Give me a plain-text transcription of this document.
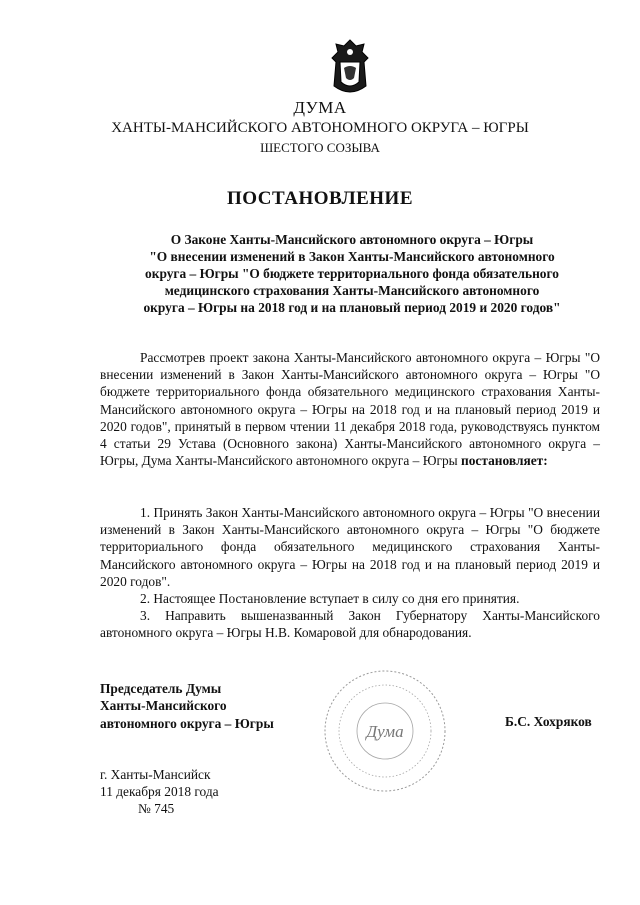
ДУМА
ХАНТЫ-МАНСИЙСКОГО АВТОНОМНОГО ОКРУГА – ЮГРЫ
ШЕСТОГО СОЗЫВА
ПОСТАНОВЛЕНИЕ
О Законе Ханты-Мансийского автономного округа – Югры
"О внесении изменений в Закон Ханты-Мансийского автономного
округа – Югры "О бюджете территориального фонда обязательного
медицинского страхования Ханты-Мансийского автономного
округа – Югры на 2018 год и на плановый период 2019 и 2020 годов"

Рассмотрев проект закона Ханты-Мансийского автономного округа – Югры "О внесении изменений в Закон Ханты-Мансийского автономного округа – Югры "О бюджете территориального фонда обязательного медицинского страхования Ханты-Мансийского автономного округа – Югры на 2018 год и на плановый период 2019 и 2020 годов", принятый в первом чтении 11 декабря 2018 года, руководствуясь пунктом 4 статьи 29 Устава (Основного закона) Ханты-Мансийского автономного округа – Югры, Дума Ханты-Мансийского автономного округа – Югры постановляет:

1. Принять Закон Ханты-Мансийского автономного округа – Югры "О внесении изменений в Закон Ханты-Мансийского автономного округа – Югры "О бюджете территориального фонда обязательного медицинского страхования Ханты-Мансийского автономного округа – Югры на 2018 год и на плановый период 2019 и 2020 годов".

2. Настоящее Постановление вступает в силу со дня его принятия.

3. Направить вышеназванный Закон Губернатору Ханты-Мансийского автономного округа – Югры Н.В. Комаровой для обнародования.

Председатель Думы
Ханты-Мансийского
автономного округа – Югры	Дума
Б.С. Хохряков
г. Ханты-Мансийск
11 декабря 2018 года
№ 745
